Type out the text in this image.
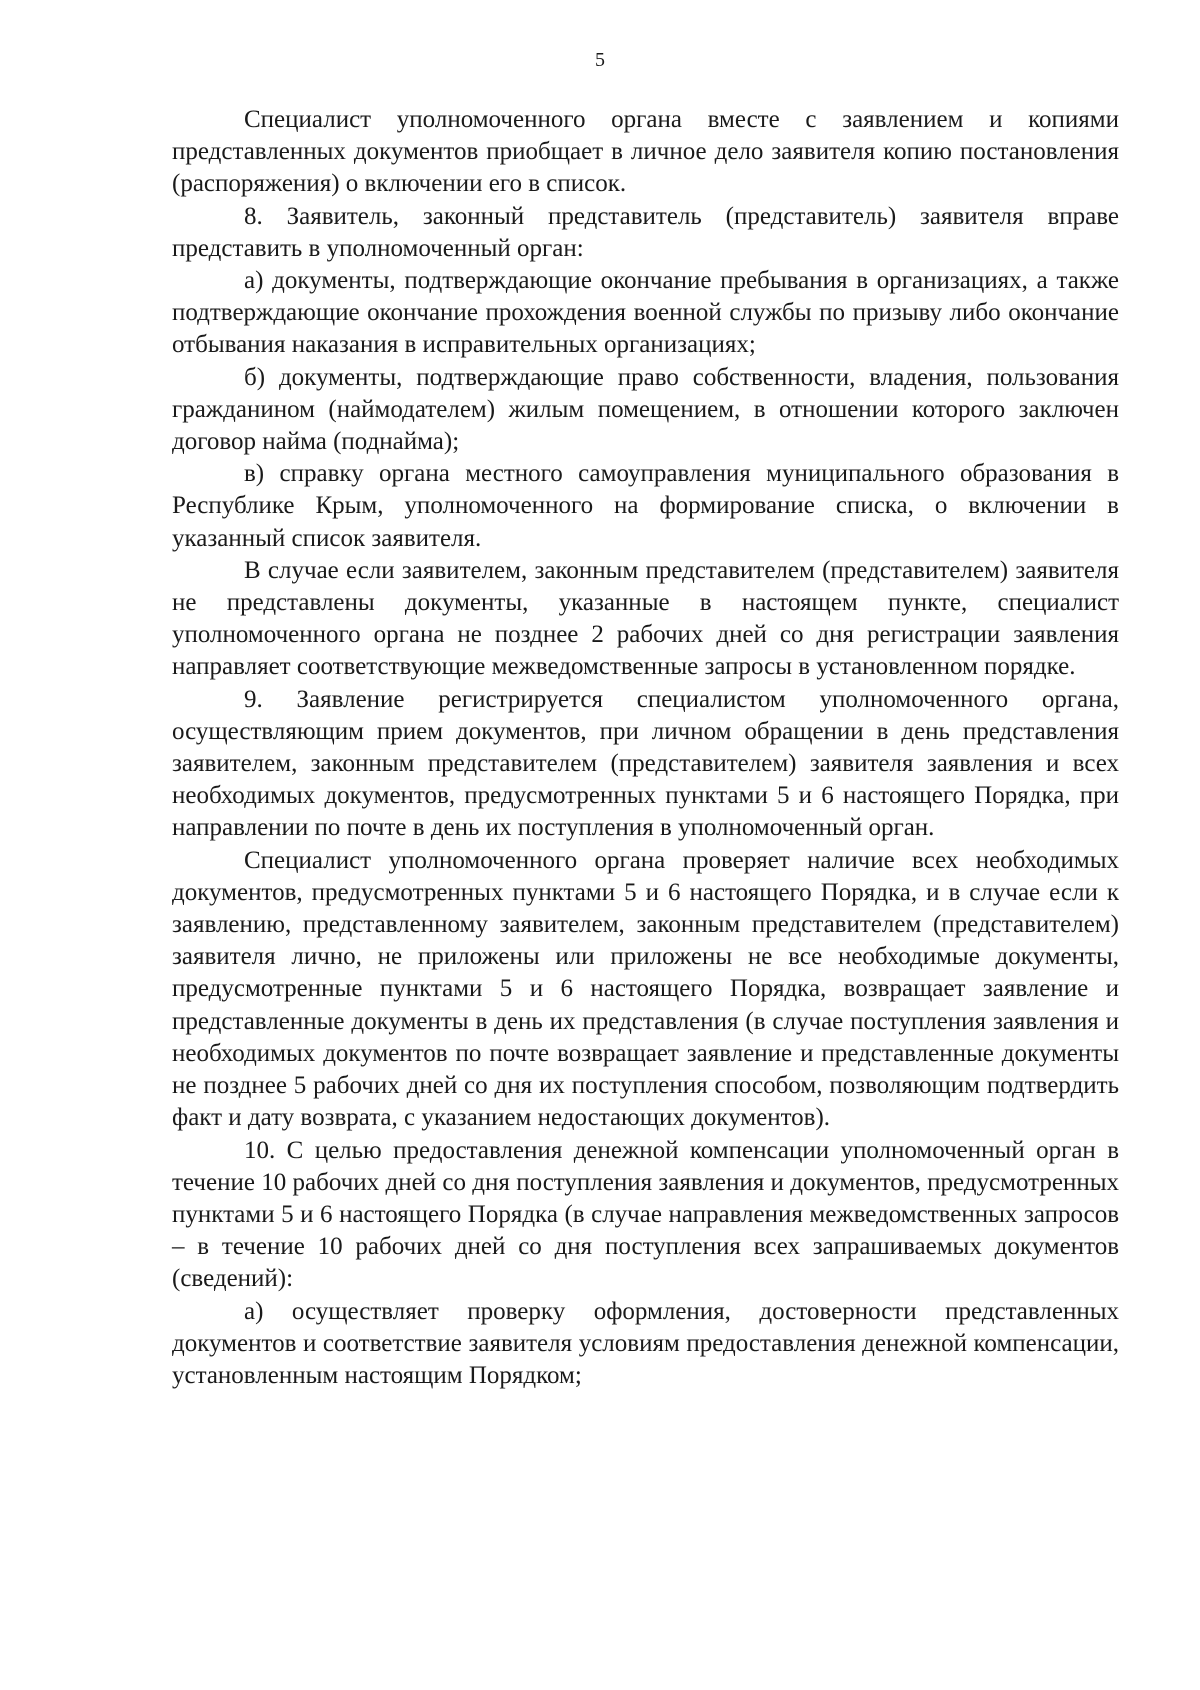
5

Специалист уполномоченного органа вместе с заявлением и копиями представленных документов приобщает в личное дело заявителя копию постановления (распоряжения) о включении его в список.

8. Заявитель, законный представитель (представитель) заявителя вправе представить в уполномоченный орган:

а) документы, подтверждающие окончание пребывания в организациях, а также подтверждающие окончание прохождения военной службы по призыву либо окончание отбывания наказания в исправительных организациях;

б) документы, подтверждающие право собственности, владения, пользования гражданином (наймодателем) жилым помещением, в отношении которого заключен договор найма (поднайма);

в) справку органа местного самоуправления муниципального образования в Республике Крым, уполномоченного на формирование списка, о включении в указанный список заявителя.

В случае если заявителем, законным представителем (представителем) заявителя не представлены документы, указанные в настоящем пункте, специалист уполномоченного органа не позднее 2 рабочих дней со дня регистрации заявления направляет соответствующие межведомственные запросы в установленном порядке.

9. Заявление регистрируется специалистом уполномоченного органа, осуществляющим прием документов, при личном обращении в день представления заявителем, законным представителем (представителем) заявителя заявления и всех необходимых документов, предусмотренных пунктами 5 и 6 настоящего Порядка, при направлении по почте в день их поступления в уполномоченный орган.

Специалист уполномоченного органа проверяет наличие всех необходимых документов, предусмотренных пунктами 5 и 6 настоящего Порядка, и в случае если к заявлению, представленному заявителем, законным представителем (представителем) заявителя лично, не приложены или приложены не все необходимые документы, предусмотренные пунктами 5 и 6 настоящего Порядка, возвращает заявление и представленные документы в день их представления (в случае поступления заявления и необходимых документов по почте возвращает заявление и представленные документы не позднее 5 рабочих дней со дня их поступления способом, позволяющим подтвердить факт и дату возврата, с указанием недостающих документов).

10. С целью предоставления денежной компенсации уполномоченный орган в течение 10 рабочих дней со дня поступления заявления и документов, предусмотренных пунктами 5 и 6 настоящего Порядка (в случае направления межведомственных запросов – в течение 10 рабочих дней со дня поступления всех запрашиваемых документов (сведений):

а) осуществляет проверку оформления, достоверности представленных документов и соответствие заявителя условиям предоставления денежной компенсации, установленным настоящим Порядком;
